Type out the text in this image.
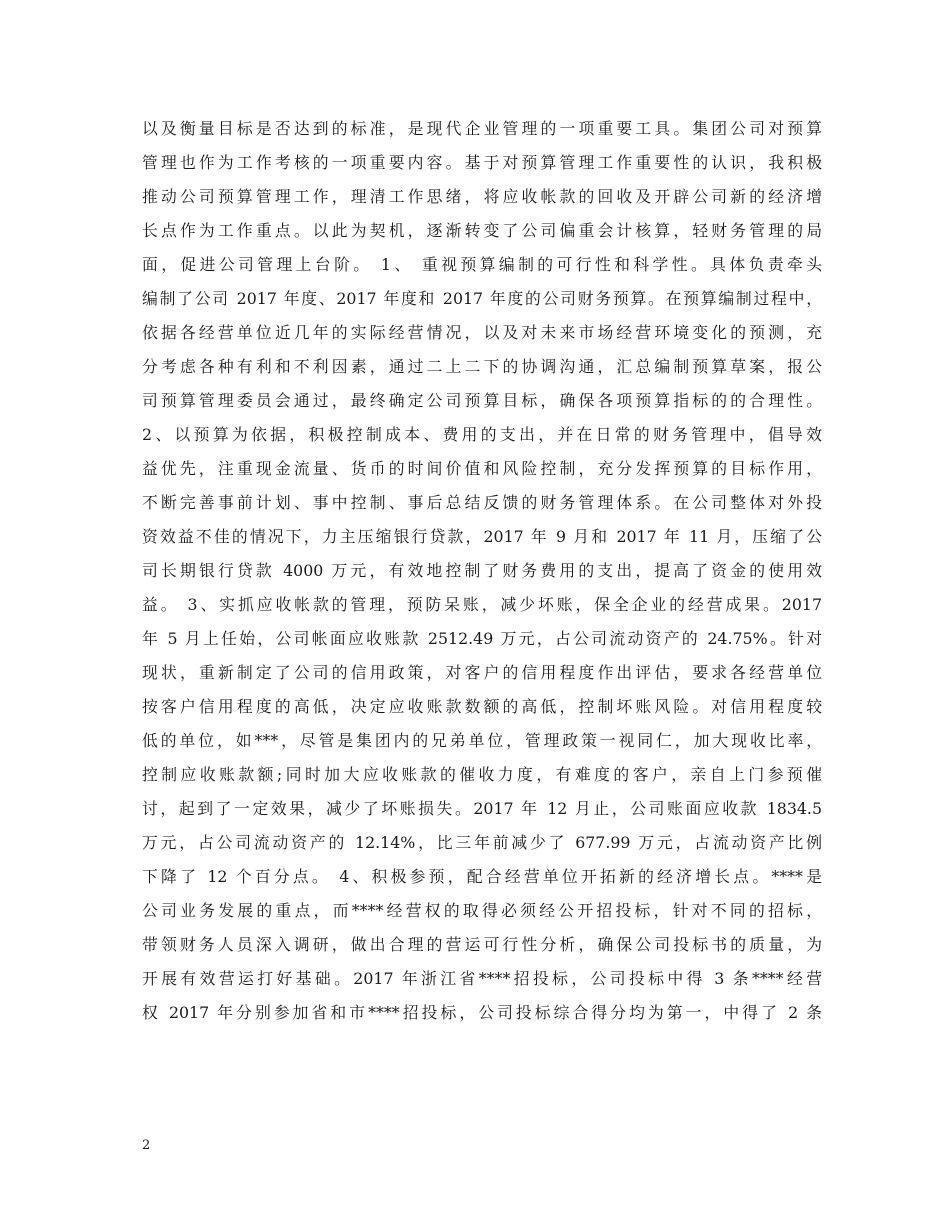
以及衡量目标是否达到的标准，是现代企业管理的一项重要工具。集团公司对预算

管理也作为工作考核的一项重要内容。基于对预算管理工作重要性的认识，我积极

推动公司预算管理工作，理清工作思绪，将应收帐款的回收及开辟公司新的经济增

长点作为工作重点。以此为契机，逐渐转变了公司偏重会计核算，轻财务管理的局

面，促进公司管理上台阶。 1、 重视预算编制的可行性和科学性。具体负责牵头

编制了公司 2017 年度、2017 年度和 2017 年度的公司财务预算。在预算编制过程中，

依据各经营单位近几年的实际经营情况，以及对未来市场经营环境变化的预测，充

分考虑各种有利和不利因素，通过二上二下的协调沟通，汇总编制预算草案，报公

司预算管理委员会通过，最终确定公司预算目标，确保各项预算指标的的合理性。

2、以预算为依据，积极控制成本、费用的支出，并在日常的财务管理中，倡导效

益优先，注重现金流量、货币的时间价值和风险控制，充分发挥预算的目标作用，

不断完善事前计划、事中控制、事后总结反馈的财务管理体系。在公司整体对外投

资效益不佳的情况下，力主压缩银行贷款，2017 年 9 月和 2017 年 11 月，压缩了公

司长期银行贷款 4000 万元，有效地控制了财务费用的支出，提高了资金的使用效

益。 3、实抓应收帐款的管理，预防呆账，减少坏账，保全企业的经营成果。2017

年 5 月上任始，公司帐面应收账款 2512.49 万元，占公司流动资产的 24.75%。针对

现状，重新制定了公司的信用政策，对客户的信用程度作出评估，要求各经营单位

按客户信用程度的高低，决定应收账款数额的高低，控制坏账风险。对信用程度较

低的单位，如***，尽管是集团内的兄弟单位，管理政策一视同仁，加大现收比率，

控制应收账款额;同时加大应收账款的催收力度，有难度的客户，亲自上门参预催

讨，起到了一定效果，减少了坏账损失。2017 年 12 月止，公司账面应收款 1834.5

万元，占公司流动资产的 12.14%，比三年前减少了 677.99 万元，占流动资产比例

下降了 12 个百分点。 4、积极参预，配合经营单位开拓新的经济增长点。****是

公司业务发展的重点，而****经营权的取得必须经公开招投标，针对不同的招标，

带领财务人员深入调研，做出合理的营运可行性分析，确保公司投标书的质量，为

开展有效营运打好基础。2017 年浙江省****招投标，公司投标中得 3 条****经营

权 2017 年分别参加省和市****招投标，公司投标综合得分均为第一，中得了 2 条

2
